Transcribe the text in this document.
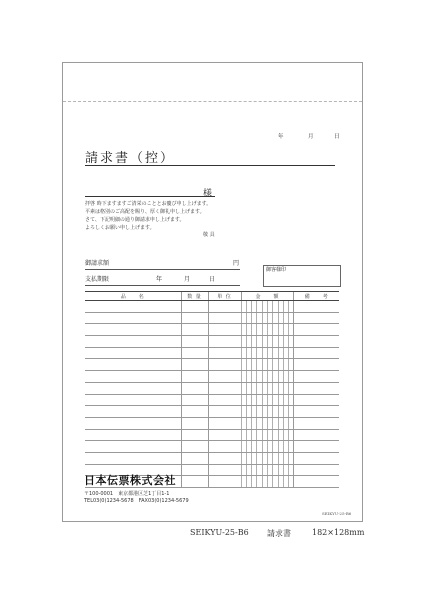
年	月	日
請求書（控）
様
拝啓 時下ますますご清栄のこととお慶び申し上げます。
平素は格別のご高配を賜り、厚く御礼申し上げます。
さて、下記明細の通り御請求申し上げます。
よろしくお願い申し上げます。
敬 具
御請求額	円
支払期限	年	月	日
御客様印
品　　名	数 量	単 位	金　　額										備　　考

日本伝票株式会社
〒100-0001　東京都港区芝1丁目1-1
TEL03(0)1234-5678　FAX03(0)1234-5679
SEIKYU-25-B6
SEIKYU-25-B6 請求書	182×128mm
